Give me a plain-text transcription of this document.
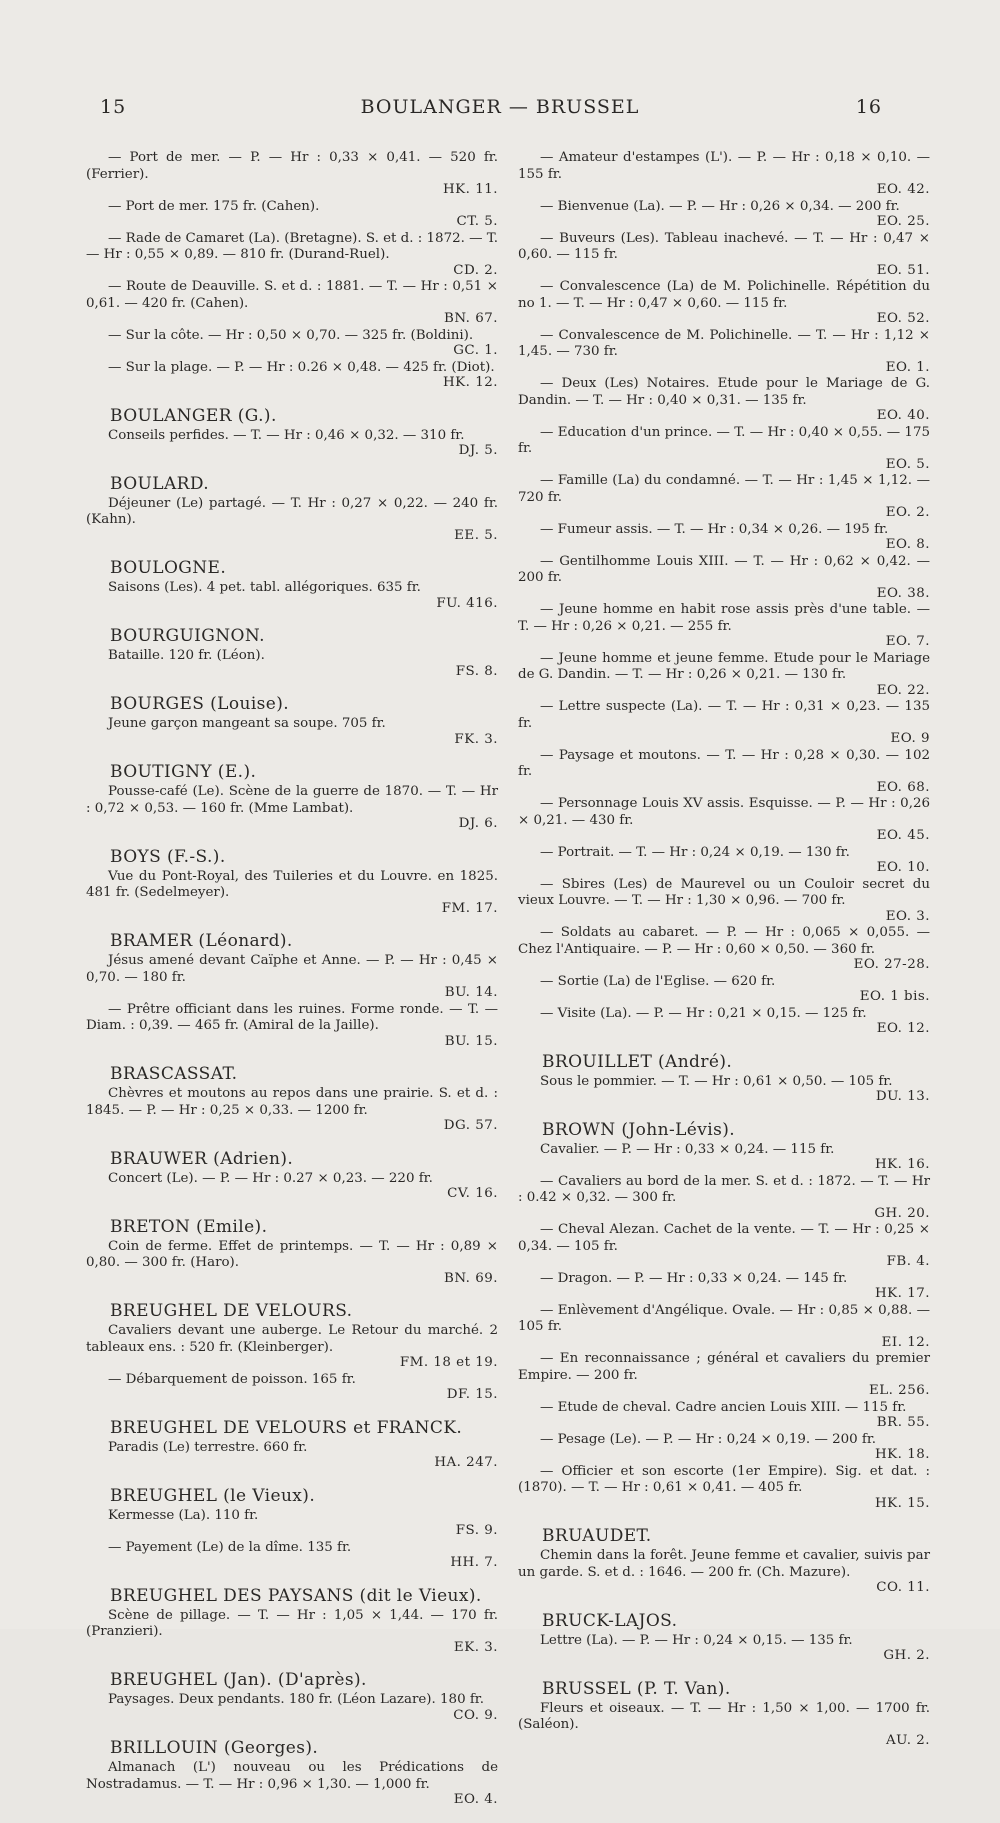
15	BOULANGER — BRUSSEL	16
— Port de mer. — P. — Hr : 0,33 × 0,41. — 520 fr. (Ferrier).
HK. 11.
— Port de mer. 175 fr. (Cahen).
CT. 5.
— Rade de Camaret (La). (Bretagne). S. et d. : 1872. — T. — Hr : 0,55 × 0,89. — 810 fr. (Durand-Ruel).
CD. 2.
— Route de Deauville. S. et d. : 1881. — T. — Hr : 0,51 × 0,61. — 420 fr. (Cahen).
BN. 67.
— Sur la côte. — Hr : 0,50 × 0,70. — 325 fr. (Boldini).
GC. 1.
— Sur la plage. — P. — Hr : 0.26 × 0,48. — 425 fr. (Diot).
HK. 12.
BOULANGER (G.).
Conseils perfides. — T. — Hr : 0,46 × 0,32. — 310 fr.
DJ. 5.
BOULARD.
Déjeuner (Le) partagé. — T. Hr : 0,27 × 0,22. — 240 fr. (Kahn).
EE. 5.
BOULOGNE.
Saisons (Les). 4 pet. tabl. allégoriques. 635 fr.
FU. 416.
BOURGUIGNON.
Bataille. 120 fr. (Léon).
FS. 8.
BOURGES (Louise).
Jeune garçon mangeant sa soupe. 705 fr.
FK. 3.
BOUTIGNY (E.).
Pousse-café (Le). Scène de la guerre de 1870. — T. — Hr : 0,72 × 0,53. — 160 fr. (Mme Lambat).
DJ. 6.
BOYS (F.-S.).
Vue du Pont-Royal, des Tuileries et du Louvre. en 1825. 481 fr. (Sedelmeyer).
FM. 17.
BRAMER (Léonard).
Jésus amené devant Caïphe et Anne. — P. — Hr : 0,45 × 0,70. — 180 fr.
BU. 14.
— Prêtre officiant dans les ruines. Forme ronde. — T. — Diam. : 0,39. — 465 fr. (Amiral de la Jaille).
BU. 15.
BRASCASSAT.
Chèvres et moutons au repos dans une prairie. S. et d. : 1845. — P. — Hr : 0,25 × 0,33. — 1200 fr.
DG. 57.
BRAUWER (Adrien).
Concert (Le). — P. — Hr : 0.27 × 0,23. — 220 fr.
CV. 16.
BRETON (Emile).
Coin de ferme. Effet de printemps. — T. — Hr : 0,89 × 0,80. — 300 fr. (Haro).
BN. 69.
BREUGHEL DE VELOURS.
Cavaliers devant une auberge. Le Retour du marché. 2 tableaux ens. : 520 fr. (Kleinberger).
FM. 18 et 19.
— Débarquement de poisson. 165 fr.
DF. 15.
BREUGHEL DE VELOURS et FRANCK.
Paradis (Le) terrestre. 660 fr.
HA. 247.
BREUGHEL (le Vieux).
Kermesse (La). 110 fr.
FS. 9.
— Payement (Le) de la dîme. 135 fr.
HH. 7.
BREUGHEL DES PAYSANS (dit le Vieux).
Scène de pillage. — T. — Hr : 1,05 × 1,44. — 170 fr. (Pranzieri).
EK. 3.
BREUGHEL (Jan). (D'après).
Paysages. Deux pendants. 180 fr. (Léon Lazare). 180 fr.
CO. 9.
BRILLOUIN (Georges).
Almanach (L') nouveau ou les Prédications de Nostradamus. — T. — Hr : 0,96 × 1,30. — 1,000 fr.
EO. 4.
— Amateur d'estampes (L'). — P. — Hr : 0,18 × 0,10. — 155 fr.
EO. 42.
— Bienvenue (La). — P. — Hr : 0,26 × 0,34. — 200 fr.
EO. 25.
— Buveurs (Les). Tableau inachevé. — T. — Hr : 0,47 × 0,60. — 115 fr.
EO. 51.
— Convalescence (La) de M. Polichinelle. Répétition du no 1. — T. — Hr : 0,47 × 0,60. — 115 fr.
EO. 52.
— Convalescence de M. Polichinelle. — T. — Hr : 1,12 × 1,45. — 730 fr.
EO. 1.
— Deux (Les) Notaires. Etude pour le Mariage de G. Dandin. — T. — Hr : 0,40 × 0,31. — 135 fr.
EO. 40.
— Education d'un prince. — T. — Hr : 0,40 × 0,55. — 175 fr.
EO. 5.
— Famille (La) du condamné. — T. — Hr : 1,45 × 1,12. — 720 fr.
EO. 2.
— Fumeur assis. — T. — Hr : 0,34 × 0,26. — 195 fr.
EO. 8.
— Gentilhomme Louis XIII. — T. — Hr : 0,62 × 0,42. — 200 fr.
EO. 38.
— Jeune homme en habit rose assis près d'une table. — T. — Hr : 0,26 × 0,21. — 255 fr.
EO. 7.
— Jeune homme et jeune femme. Etude pour le Mariage de G. Dandin. — T. — Hr : 0,26 × 0,21. — 130 fr.
EO. 22.
— Lettre suspecte (La). — T. — Hr : 0,31 × 0,23. — 135 fr.
EO. 9
— Paysage et moutons. — T. — Hr : 0,28 × 0,30. — 102 fr.
EO. 68.
— Personnage Louis XV assis. Esquisse. — P. — Hr : 0,26 × 0,21. — 430 fr.
EO. 45.
— Portrait. — T. — Hr : 0,24 × 0,19. — 130 fr.
EO. 10.
— Sbires (Les) de Maurevel ou un Couloir secret du vieux Louvre. — T. — Hr : 1,30 × 0,96. — 700 fr.
EO. 3.
— Soldats au cabaret. — P. — Hr : 0,065 × 0,055. — Chez l'Antiquaire. — P. — Hr : 0,60 × 0,50. — 360 fr.
EO. 27-28.
— Sortie (La) de l'Eglise. — 620 fr.
EO. 1 bis.
— Visite (La). — P. — Hr : 0,21 × 0,15. — 125 fr.
EO. 12.
BROUILLET (André).
Sous le pommier. — T. — Hr : 0,61 × 0,50. — 105 fr.
DU. 13.
BROWN (John-Lévis).
Cavalier. — P. — Hr : 0,33 × 0,24. — 115 fr.
HK. 16.
— Cavaliers au bord de la mer. S. et d. : 1872. — T. — Hr : 0.42 × 0,32. — 300 fr.
GH. 20.
— Cheval Alezan. Cachet de la vente. — T. — Hr : 0,25 × 0,34. — 105 fr.
FB. 4.
— Dragon. — P. — Hr : 0,33 × 0,24. — 145 fr.
HK. 17.
— Enlèvement d'Angélique. Ovale. — Hr : 0,85 × 0,88. — 105 fr.
EI. 12.
— En reconnaissance ; général et cavaliers du premier Empire. — 200 fr.
EL. 256.
— Etude de cheval. Cadre ancien Louis XIII. — 115 fr.
BR. 55.
— Pesage (Le). — P. — Hr : 0,24 × 0,19. — 200 fr.
HK. 18.
— Officier et son escorte (1er Empire). Sig. et dat. : (1870). — T. — Hr : 0,61 × 0,41. — 405 fr.
HK. 15.
BRUAUDET.
Chemin dans la forêt. Jeune femme et cavalier, suivis par un garde. S. et d. : 1646. — 200 fr. (Ch. Mazure).
CO. 11.
BRUCK-LAJOS.
Lettre (La). — P. — Hr : 0,24 × 0,15. — 135 fr.
GH. 2.
BRUSSEL (P. T. Van).
Fleurs et oiseaux. — T. — Hr : 1,50 × 1,00. — 1700 fr. (Saléon).
AU. 2.
